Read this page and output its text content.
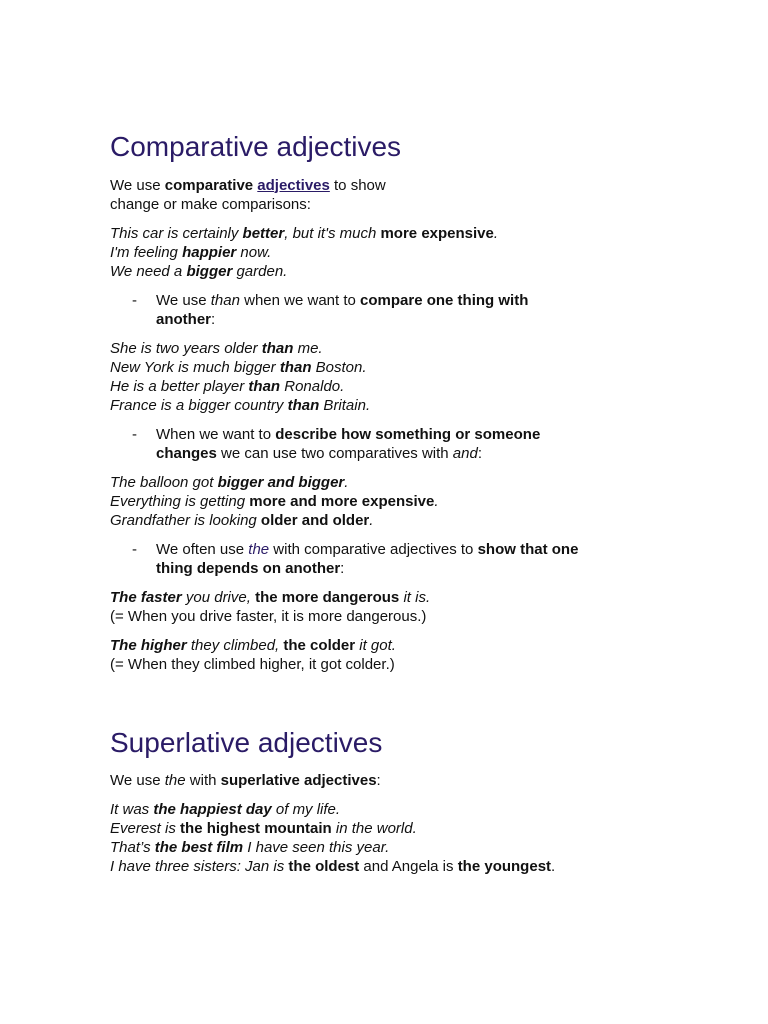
Comparative adjectives

We use comparative adjectives to show

change or make comparisons:

This car is certainly better, but it's much more expensive.

I'm feeling happier now.

We need a bigger garden.

- We use than when we want to compare one thing with
another:

She is two years older than me.

New York is much bigger than Boston.

He is a better player than Ronaldo.

France is a bigger country than Britain.

- When we want to describe how something or someone
changes we can use two comparatives with and:

The balloon got bigger and bigger.

Everything is getting more and more expensive.

Grandfather is looking older and older.

- We often use the with comparative adjectives to show that one
thing depends on another:

The faster you drive, the more dangerous it is.

(= When you drive faster, it is more dangerous.)

The higher they climbed, the colder it got.

(= When they climbed higher, it got colder.)

Superlative adjectives

We use the with superlative adjectives:

It was the happiest day of my life.

Everest is the highest mountain in the world.

That’s the best film I have seen this year.

I have three sisters: Jan is the oldest and Angela is the youngest.
